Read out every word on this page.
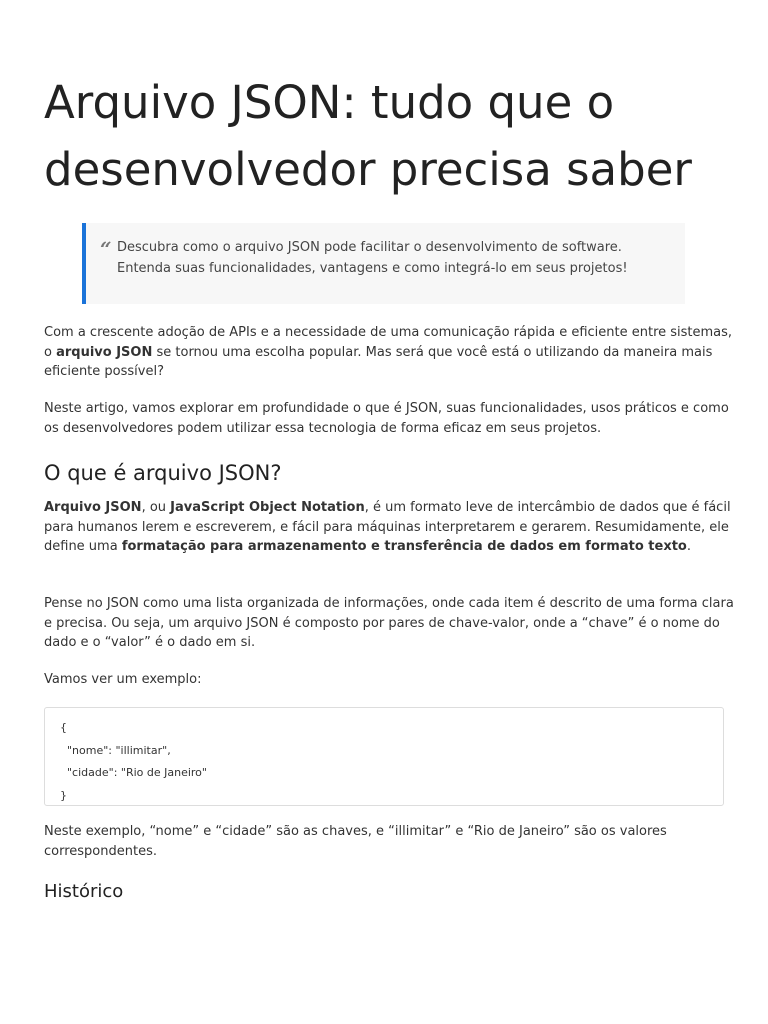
Arquivo JSON: tudo que o desenvolvedor precisa saber
“ Descubra como o arquivo JSON pode facilitar o desenvolvimento de software. Entenda suas funcionalidades, vantagens e como integrá-lo em seus projetos!

Com a crescente adoção de APIs e a necessidade de uma comunicação rápida e eficiente entre sistemas, o arquivo JSON se tornou uma escolha popular. Mas será que você está o utilizando da maneira mais eficiente possível?

Neste artigo, vamos explorar em profundidade o que é JSON, suas funcionalidades, usos práticos e como os desenvolvedores podem utilizar essa tecnologia de forma eficaz em seus projetos.

O que é arquivo JSON?

Arquivo JSON, ou JavaScript Object Notation, é um formato leve de intercâmbio de dados que é fácil para humanos lerem e escreverem, e fácil para máquinas interpretarem e gerarem. Resumidamente, ele define uma formatação para armazenamento e transferência de dados em formato texto.

Pense no JSON como uma lista organizada de informações, onde cada item é descrito de uma forma clara e precisa. Ou seja, um arquivo JSON é composto por pares de chave-valor, onde a “chave” é o nome do dado e o “valor” é o dado em si.

Vamos ver um exemplo:

{
"nome": "illimitar",
"cidade": "Rio de Janeiro"
}

Neste exemplo, “nome” e “cidade” são as chaves, e “illimitar” e “Rio de Janeiro” são os valores correspondentes.

Histórico
